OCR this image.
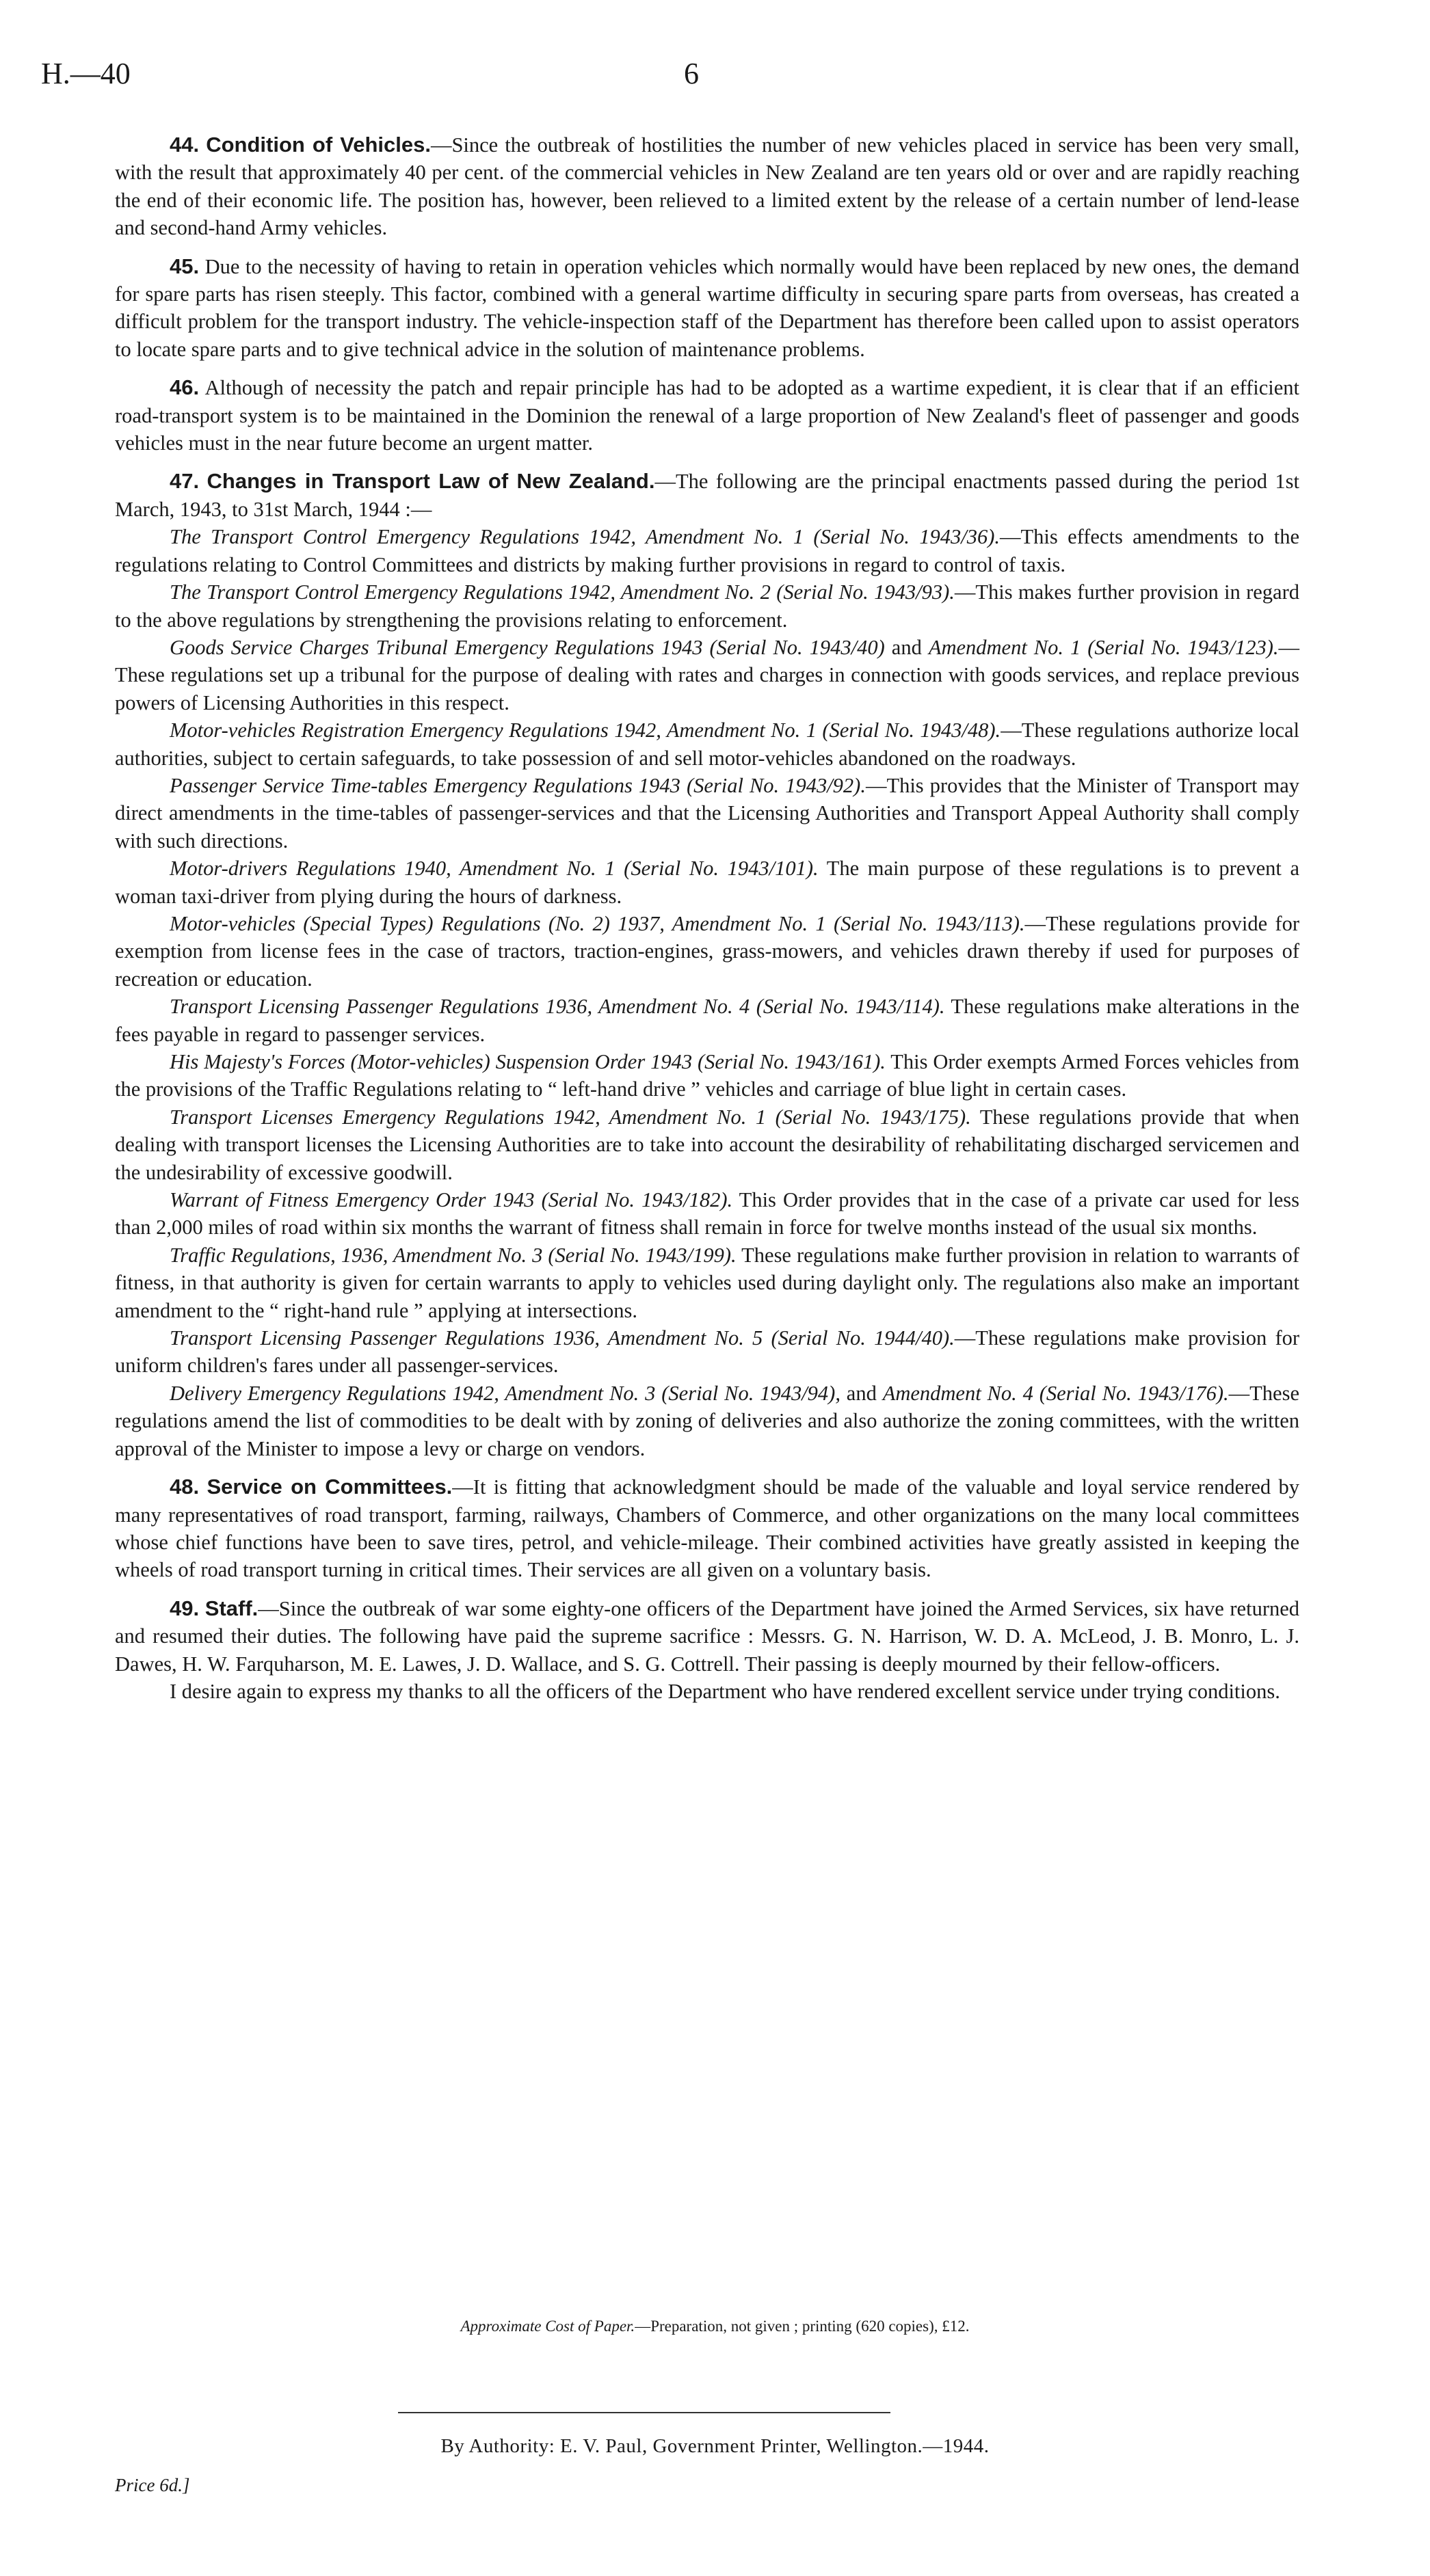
H.—40	6

44. Condition of Vehicles.—Since the outbreak of hostilities the number of new vehicles placed in service has been very small, with the result that approximately 40 per cent. of the commercial vehicles in New Zealand are ten years old or over and are rapidly reaching the end of their economic life. The position has, however, been relieved to a limited extent by the release of a certain number of lend-lease and second-hand Army vehicles.

45. Due to the necessity of having to retain in operation vehicles which normally would have been replaced by new ones, the demand for spare parts has risen steeply. This factor, combined with a general wartime difficulty in securing spare parts from overseas, has created a difficult problem for the transport industry. The vehicle-inspection staff of the Department has therefore been called upon to assist operators to locate spare parts and to give technical advice in the solution of maintenance problems.

46. Although of necessity the patch and repair principle has had to be adopted as a wartime expedient, it is clear that if an efficient road-transport system is to be maintained in the Dominion the renewal of a large proportion of New Zealand's fleet of passenger and goods vehicles must in the near future become an urgent matter.

47. Changes in Transport Law of New Zealand.—The following are the principal enactments passed during the period 1st March, 1943, to 31st March, 1944 :—

The Transport Control Emergency Regulations 1942, Amendment No. 1 (Serial No. 1943/36).—This effects amendments to the regulations relating to Control Committees and districts by making further provisions in regard to control of taxis.

The Transport Control Emergency Regulations 1942, Amendment No. 2 (Serial No. 1943/93).—This makes further provision in regard to the above regulations by strengthening the provisions relating to enforcement.

Goods Service Charges Tribunal Emergency Regulations 1943 (Serial No. 1943/40) and Amendment No. 1 (Serial No. 1943/123).—These regulations set up a tribunal for the purpose of dealing with rates and charges in connection with goods services, and replace previous powers of Licensing Authorities in this respect.

Motor-vehicles Registration Emergency Regulations 1942, Amendment No. 1 (Serial No. 1943/48).—These regulations authorize local authorities, subject to certain safeguards, to take possession of and sell motor-vehicles abandoned on the roadways.

Passenger Service Time-tables Emergency Regulations 1943 (Serial No. 1943/92).—This provides that the Minister of Transport may direct amendments in the time-tables of passenger-services and that the Licensing Authorities and Transport Appeal Authority shall comply with such directions.

Motor-drivers Regulations 1940, Amendment No. 1 (Serial No. 1943/101). The main purpose of these regulations is to prevent a woman taxi-driver from plying during the hours of darkness.

Motor-vehicles (Special Types) Regulations (No. 2) 1937, Amendment No. 1 (Serial No. 1943/113).—These regulations provide for exemption from license fees in the case of tractors, traction-engines, grass-mowers, and vehicles drawn thereby if used for purposes of recreation or education.

Transport Licensing Passenger Regulations 1936, Amendment No. 4 (Serial No. 1943/114). These regulations make alterations in the fees payable in regard to passenger services.

His Majesty's Forces (Motor-vehicles) Suspension Order 1943 (Serial No. 1943/161). This Order exempts Armed Forces vehicles from the provisions of the Traffic Regulations relating to “ left-hand drive ” vehicles and carriage of blue light in certain cases.

Transport Licenses Emergency Regulations 1942, Amendment No. 1 (Serial No. 1943/175). These regulations provide that when dealing with transport licenses the Licensing Authorities are to take into account the desirability of rehabilitating discharged servicemen and the undesirability of excessive goodwill.

Warrant of Fitness Emergency Order 1943 (Serial No. 1943/182). This Order provides that in the case of a private car used for less than 2,000 miles of road within six months the warrant of fitness shall remain in force for twelve months instead of the usual six months.

Traffic Regulations, 1936, Amendment No. 3 (Serial No. 1943/199). These regulations make further provision in relation to warrants of fitness, in that authority is given for certain warrants to apply to vehicles used during daylight only. The regulations also make an important amendment to the “ right-hand rule ” applying at intersections.

Transport Licensing Passenger Regulations 1936, Amendment No. 5 (Serial No. 1944/40).—These regulations make provision for uniform children's fares under all passenger-services.

Delivery Emergency Regulations 1942, Amendment No. 3 (Serial No. 1943/94), and Amendment No. 4 (Serial No. 1943/176).—These regulations amend the list of commodities to be dealt with by zoning of deliveries and also authorize the zoning committees, with the written approval of the Minister to impose a levy or charge on vendors.

48. Service on Committees.—It is fitting that acknowledgment should be made of the valuable and loyal service rendered by many representatives of road transport, farming, railways, Chambers of Commerce, and other organizations on the many local committees whose chief functions have been to save tires, petrol, and vehicle-mileage. Their combined activities have greatly assisted in keeping the wheels of road transport turning in critical times. Their services are all given on a voluntary basis.

49. Staff.—Since the outbreak of war some eighty-one officers of the Department have joined the Armed Services, six have returned and resumed their duties. The following have paid the supreme sacrifice : Messrs. G. N. Harrison, W. D. A. McLeod, J. B. Monro, L. J. Dawes, H. W. Farquharson, M. E. Lawes, J. D. Wallace, and S. G. Cottrell. Their passing is deeply mourned by their fellow-officers.

I desire again to express my thanks to all the officers of the Department who have rendered excellent service under trying conditions.

Approximate Cost of Paper.—Preparation, not given ; printing (620 copies), £12.
By Authority: E. V. Paul, Government Printer, Wellington.—1944.
Price 6d.]
